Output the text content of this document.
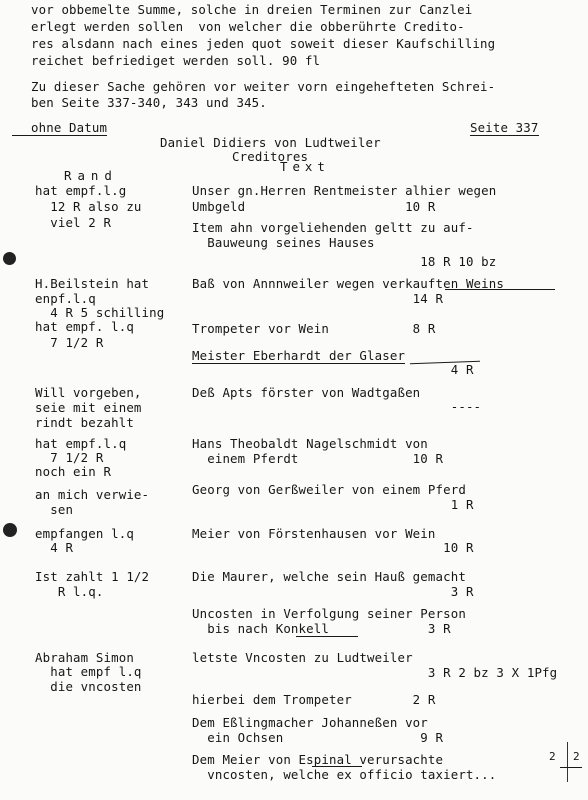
vor obbemelte Summe, solche in dreien Terminen zur Canzlei
erlegt werden sollen  von welcher die obberührte Creditо-
res alsdann nach eines jeden quot soweit dieser Kaufschilling
reichet befriediget werden soll. 90 fl
Zu dieser Sache gehören vor weiter vorn eingehefteten Schrei-
ben Seite 337-340, 343 und 345.
ohne Datum	Seite 337
Daniel Didiers von Ludtweiler
Creditores
Rand
Text
hat empf.l.g
12 R also zu
viel 2 R
Unser gn.Herren Rentmeister alhier wegen
Umbgeld                     10 R
Item ahn vorgeliehenden geltt zu auf-
Bauweung seines Hauses
18 R 10 bz
H.Beilstein hat
enpf.l.q
4 R 5 schilling
Baß von Annnweiler wegen verkauften Weins
14 R
hat empf. l.q
7 1/2 R
Trompeter vor Wein           8 R
Meister Eberhardt der Glaser
4 R
Will vorgeben,
seie mit einem
rindt bezahlt
Deß Apts förster von Wadtgaßen
----
hat empf.l.q
7 1/2 R
noch ein R
Hans Theobaldt Nagelschmidt von
einem Pferdt               10 R
an mich verwie-
sen
Georg von Gerßweiler von einem Pferd
1 R
empfangen l.q
4 R
Meier von Förstenhausen vor Wein
10 R
Ist zahlt 1 1/2
R l.q.
Die Maurer, welche sein Hauß gemacht
3 R
Uncosten in Verfolgung seiner Person
bis nach Konkell             3 R
Abraham Simon
hat empf l.q
die vncosten
letste Vncosten zu Ludtweiler
3 R 2 bz 3 X 1Pfg
hierbei dem Trompeter        2 R
Dem Eßlingmacher Johanneßen vor
ein Ochsen                  9 R
Dem Meier von Espinal verursachte
vncosten, welche ex officio taxiert...
2 2
